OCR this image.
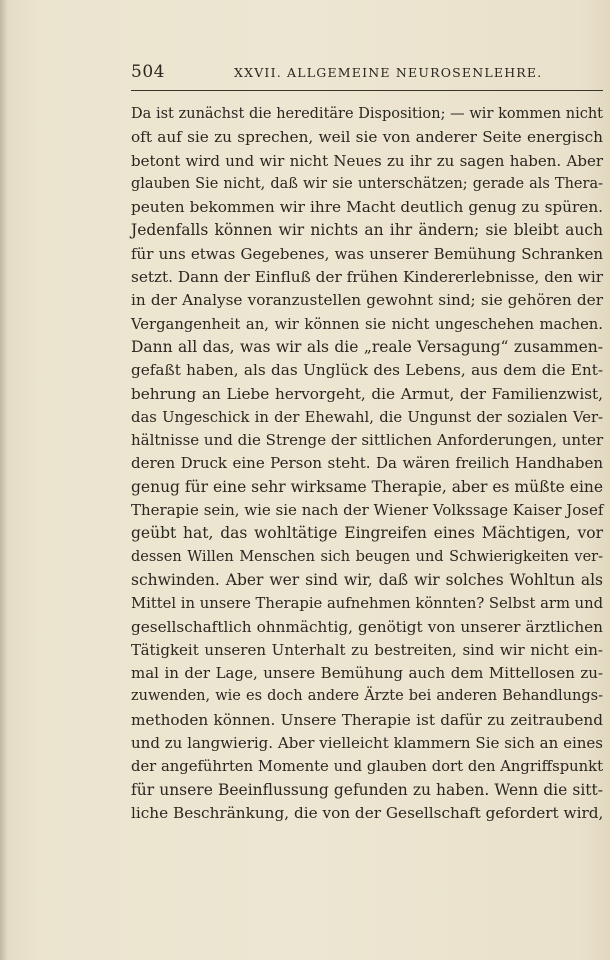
504	XXVII. ALLGEMEINE NEUROSENLEHRE.
Da ist zunächst die hereditäre Disposition; — wir kommen nicht
oft auf sie zu sprechen, weil sie von anderer Seite energisch
betont wird und wir nicht Neues zu ihr zu sagen haben. Aber
glauben Sie nicht, daß wir sie unterschätzen; gerade als Thera-
peuten bekommen wir ihre Macht deutlich genug zu spüren.
Jedenfalls können wir nichts an ihr ändern; sie bleibt auch
für uns etwas Gegebenes, was unserer Bemühung Schranken
setzt. Dann der Einfluß der frühen Kindererlebnisse, den wir
in der Analyse voranzustellen gewohnt sind; sie gehören der
Vergangenheit an, wir können sie nicht ungeschehen machen.
Dann all das, was wir als die „reale Versagung“ zusammen-
gefaßt haben, als das Unglück des Lebens, aus dem die Ent-
behrung an Liebe hervorgeht, die Armut, der Familienzwist,
das Ungeschick in der Ehewahl, die Ungunst der sozialen Ver-
hältnisse und die Strenge der sittlichen Anforderungen, unter
deren Druck eine Person steht. Da wären freilich Handhaben
genug für eine sehr wirksame Therapie, aber es müßte eine
Therapie sein, wie sie nach der Wiener Volkssage Kaiser Josef
geübt hat, das wohltätige Eingreifen eines Mächtigen, vor
dessen Willen Menschen sich beugen und Schwierigkeiten ver-
schwinden. Aber wer sind wir, daß wir solches Wohltun als
Mittel in unsere Therapie aufnehmen könnten? Selbst arm und
gesellschaftlich ohnmächtig, genötigt von unserer ärztlichen
Tätigkeit unseren Unterhalt zu bestreiten, sind wir nicht ein-
mal in der Lage, unsere Bemühung auch dem Mittellosen zu-
zuwenden, wie es doch andere Ärzte bei anderen Behandlungs-
methoden können. Unsere Therapie ist dafür zu zeitraubend
und zu langwierig. Aber vielleicht klammern Sie sich an eines
der angeführten Momente und glauben dort den Angriffspunkt
für unsere Beeinflussung gefunden zu haben. Wenn die sitt-
liche Beschränkung, die von der Gesellschaft gefordert wird,
